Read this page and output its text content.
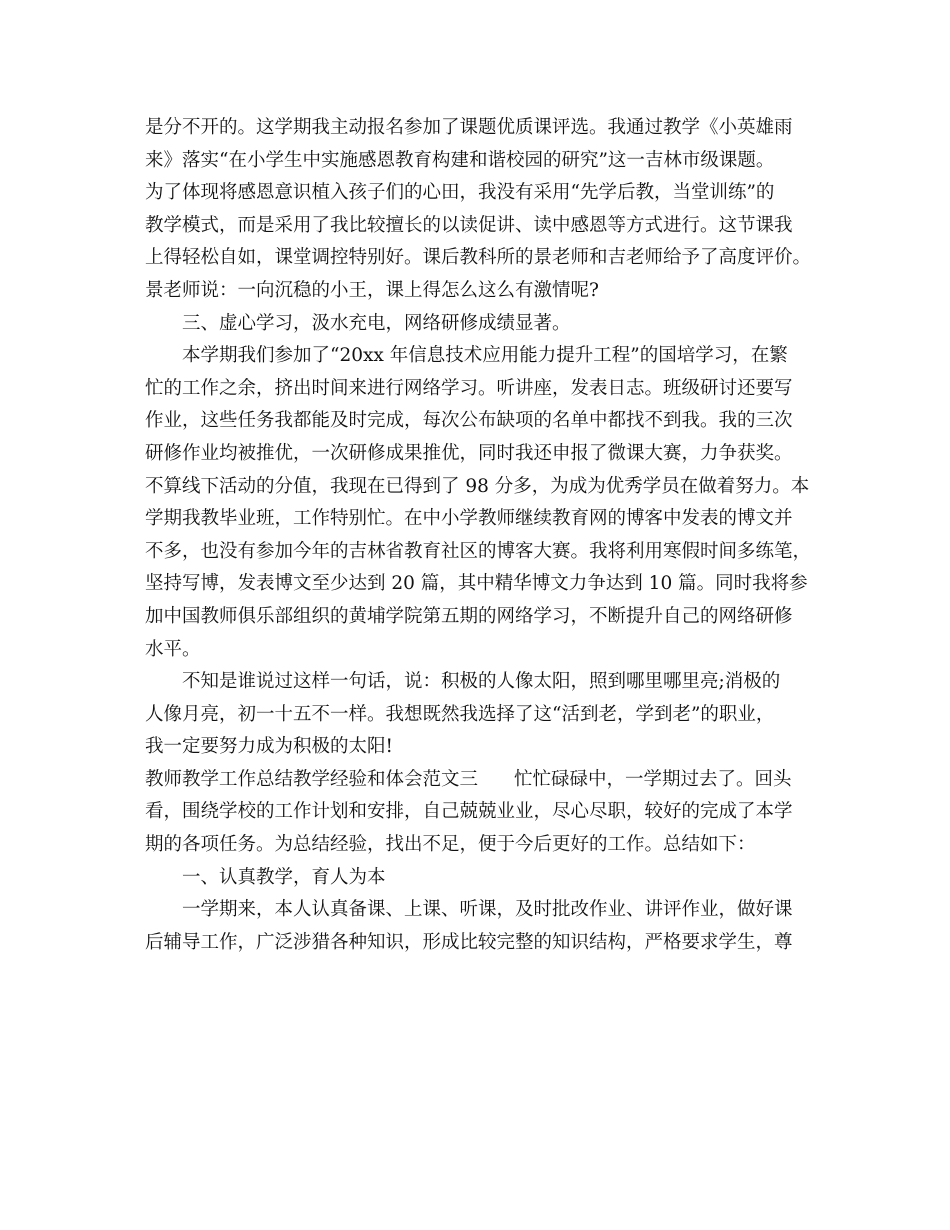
是分不开的。这学期我主动报名参加了课题优质课评选。我通过教学《小英雄雨
来》落实“在小学生中实施感恩教育构建和谐校园的研究”这一吉林市级课题。
为了体现将感恩意识植入孩子们的心田，我没有采用“先学后教，当堂训练”的
教学模式，而是采用了我比较擅长的以读促讲、读中感恩等方式进行。这节课我
上得轻松自如，课堂调控特别好。课后教科所的景老师和吉老师给予了高度评价。
景老师说：一向沉稳的小王，课上得怎么这么有激情呢?
三、虚心学习，汲水充电，网络研修成绩显著。
本学期我们参加了“20xx 年信息技术应用能力提升工程”的国培学习，在繁
忙的工作之余，挤出时间来进行网络学习。听讲座，发表日志。班级研讨还要写
作业，这些任务我都能及时完成，每次公布缺项的名单中都找不到我。我的三次
研修作业均被推优，一次研修成果推优，同时我还申报了微课大赛，力争获奖。
不算线下活动的分值，我现在已得到了 98 分多，为成为优秀学员在做着努力。本
学期我教毕业班，工作特别忙。在中小学教师继续教育网的博客中发表的博文并
不多，也没有参加今年的吉林省教育社区的博客大赛。我将利用寒假时间多练笔，
坚持写博，发表博文至少达到 20 篇，其中精华博文力争达到 10 篇。同时我将参
加中国教师俱乐部组织的黄埔学院第五期的网络学习，不断提升自己的网络研修
水平。
不知是谁说过这样一句话，说：积极的人像太阳，照到哪里哪里亮;消极的
人像月亮，初一十五不一样。我想既然我选择了这“活到老，学到老”的职业，
我一定要努力成为积极的太阳!
教师教学工作总结教学经验和体会范文三 忙忙碌碌中，一学期过去了。回头
看，围绕学校的工作计划和安排，自己兢兢业业，尽心尽职，较好的完成了本学
期的各项任务。为总结经验，找出不足，便于今后更好的工作。总结如下：
一、认真教学，育人为本
一学期来，本人认真备课、上课、听课，及时批改作业、讲评作业，做好课
后辅导工作，广泛涉猎各种知识，形成比较完整的知识结构，严格要求学生，尊
